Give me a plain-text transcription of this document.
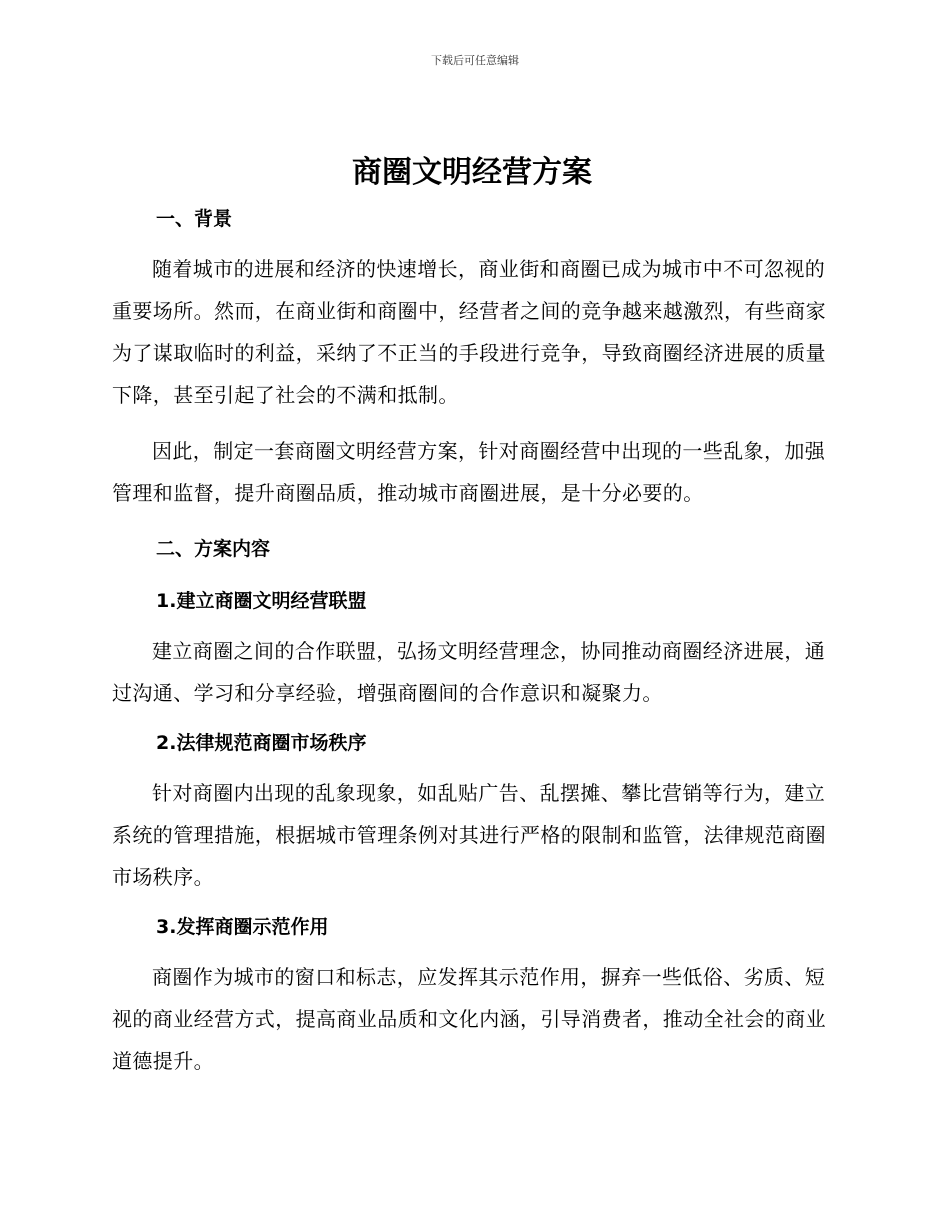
下载后可任意编辑
商圈文明经营方案
一、背景

随着城市的进展和经济的快速增长，商业街和商圈已成为城市中不可忽视的重要场所。然而，在商业街和商圈中，经营者之间的竞争越来越激烈，有些商家为了谋取临时的利益，采纳了不正当的手段进行竞争，导致商圈经济进展的质量下降，甚至引起了社会的不满和抵制。

因此，制定一套商圈文明经营方案，针对商圈经营中出现的一些乱象，加强管理和监督，提升商圈品质，推动城市商圈进展，是十分必要的。

二、方案内容
1.建立商圈文明经营联盟

建立商圈之间的合作联盟，弘扬文明经营理念，协同推动商圈经济进展，通过沟通、学习和分享经验，增强商圈间的合作意识和凝聚力。

2.法律规范商圈市场秩序

针对商圈内出现的乱象现象，如乱贴广告、乱摆摊、攀比营销等行为，建立系统的管理措施，根据城市管理条例对其进行严格的限制和监管，法律规范商圈市场秩序。

3.发挥商圈示范作用

商圈作为城市的窗口和标志，应发挥其示范作用，摒弃一些低俗、劣质、短视的商业经营方式，提高商业品质和文化内涵，引导消费者，推动全社会的商业道德提升。
